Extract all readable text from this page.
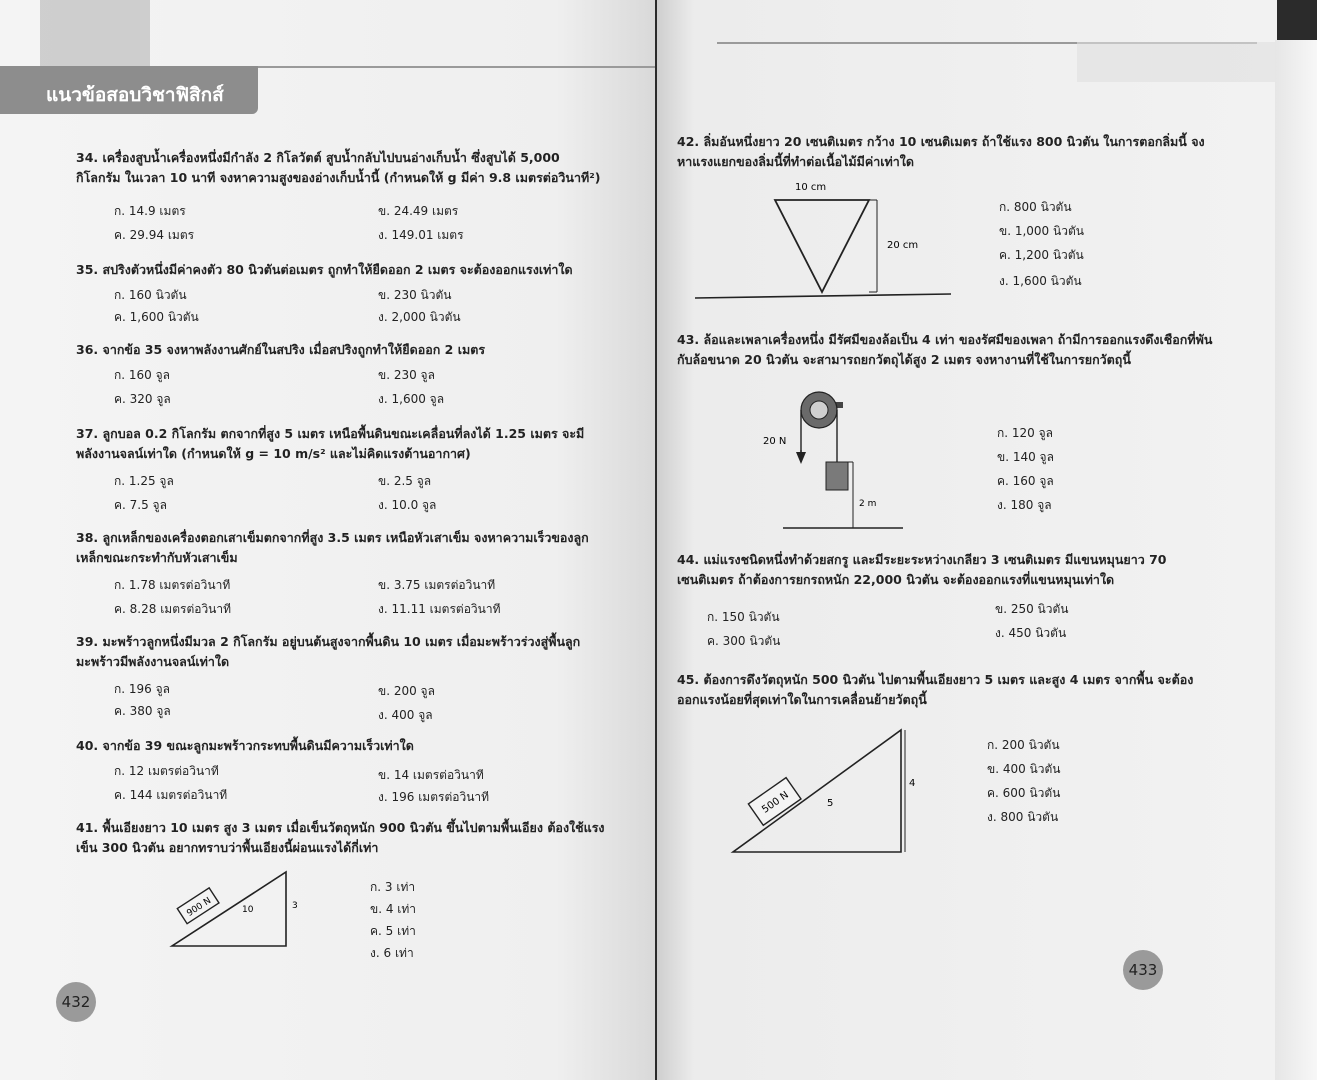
แนวข้อสอบวิชาฟิสิกส์
34. เครื่องสูบน้ำเครื่องหนึ่งมีกำลัง 2 กิโลวัตต์ สูบน้ำกลับไปบนอ่างเก็บน้ำ ซึ่งสูบได้ 5,000 กิโลกรัม ในเวลา 10 นาที จงหาความสูงของอ่างเก็บน้ำนี้ (กำหนดให้ g มีค่า 9.8 เมตรต่อวินาที²)
ก. 14.9 เมตร	ข. 24.49 เมตร
ค. 29.94 เมตร	ง. 149.01 เมตร
35. สปริงตัวหนึ่งมีค่าคงตัว 80 นิวตันต่อเมตร ถูกทำให้ยืดออก 2 เมตร จะต้องออกแรงเท่าใด
ก. 160 นิวตัน	ข. 230 นิวตัน
ค. 1,600 นิวตัน	ง. 2,000 นิวตัน
36. จากข้อ 35 จงหาพลังงานศักย์ในสปริง เมื่อสปริงถูกทำให้ยืดออก 2 เมตร
ก. 160 จูล	ข. 230 จูล
ค. 320 จูล	ง. 1,600 จูล
37. ลูกบอล 0.2 กิโลกรัม ตกจากที่สูง 5 เมตร เหนือพื้นดินขณะเคลื่อนที่ลงได้ 1.25 เมตร จะมีพลังงานจลน์เท่าใด (กำหนดให้ g = 10 m/s² และไม่คิดแรงต้านอากาศ)
ก. 1.25 จูล	ข. 2.5 จูล
ค. 7.5 จูล	ง. 10.0 จูล
38. ลูกเหล็กของเครื่องตอกเสาเข็มตกจากที่สูง 3.5 เมตร เหนือหัวเสาเข็ม จงหาความเร็วของลูกเหล็กขณะกระทำกับหัวเสาเข็ม
ก. 1.78 เมตรต่อวินาที	ข. 3.75 เมตรต่อวินาที
ค. 8.28 เมตรต่อวินาที	ง. 11.11 เมตรต่อวินาที
39. มะพร้าวลูกหนึ่งมีมวล 2 กิโลกรัม อยู่บนต้นสูงจากพื้นดิน 10 เมตร เมื่อมะพร้าวร่วงสู่พื้นลูกมะพร้าวมีพลังงานจลน์เท่าใด
ก. 196 จูล	ข. 200 จูล
ค. 380 จูล	ง. 400 จูล
40. จากข้อ 39 ขณะลูกมะพร้าวกระทบพื้นดินมีความเร็วเท่าใด
ก. 12 เมตรต่อวินาที	ข. 14 เมตรต่อวินาที
ค. 144 เมตรต่อวินาที	ง. 196 เมตรต่อวินาที
41. พื้นเอียงยาว 10 เมตร สูง 3 เมตร เมื่อเข็นวัตถุหนัก 900 นิวตัน ขึ้นไปตามพื้นเอียง ต้องใช้แรงเข็น 300 นิวตัน อยากทราบว่าพื้นเอียงนี้ผ่อนแรงได้กี่เท่า
900 N	10	3
ก. 3 เท่า
ข. 4 เท่า
ค. 5 เท่า
ง. 6 เท่า
432
42. ลิ่มอันหนึ่งยาว 20 เซนติเมตร กว้าง 10 เซนติเมตร ถ้าใช้แรง 800 นิวตัน ในการตอกลิ่มนี้ จงหาแรงแยกของลิ่มนี้ที่ทำต่อเนื้อไม้มีค่าเท่าใด
10 cm
20 cm
ก. 800 นิวตัน
ข. 1,000 นิวตัน
ค. 1,200 นิวตัน
ง. 1,600 นิวตัน
43. ล้อและเพลาเครื่องหนึ่ง มีรัศมีของล้อเป็น 4 เท่า ของรัศมีของเพลา ถ้ามีการออกแรงดึงเชือกที่พันกับล้อขนาด 20 นิวตัน จะสามารถยกวัตถุได้สูง 2 เมตร จงหางานที่ใช้ในการยกวัตถุนี้
20 N
2 m
ก. 120 จูล
ข. 140 จูล
ค. 160 จูล
ง. 180 จูล
44. แม่แรงชนิดหนึ่งทำด้วยสกรู และมีระยะระหว่างเกลียว 3 เซนติเมตร มีแขนหมุนยาว 70 เซนติเมตร ถ้าต้องการยกรถหนัก 22,000 นิวตัน จะต้องออกแรงที่แขนหมุนเท่าใด
ก. 150 นิวตัน
ข. 250 นิวตัน
ค. 300 นิวตัน
ง. 450 นิวตัน
45. ต้องการดึงวัตถุหนัก 500 นิวตัน ไปตามพื้นเอียงยาว 5 เมตร และสูง 4 เมตร จากพื้น จะต้องออกแรงน้อยที่สุดเท่าใดในการเคลื่อนย้ายวัตถุนี้
500 N	5
4
ก. 200 นิวตัน
ข. 400 นิวตัน
ค. 600 นิวตัน
ง. 800 นิวตัน
433
